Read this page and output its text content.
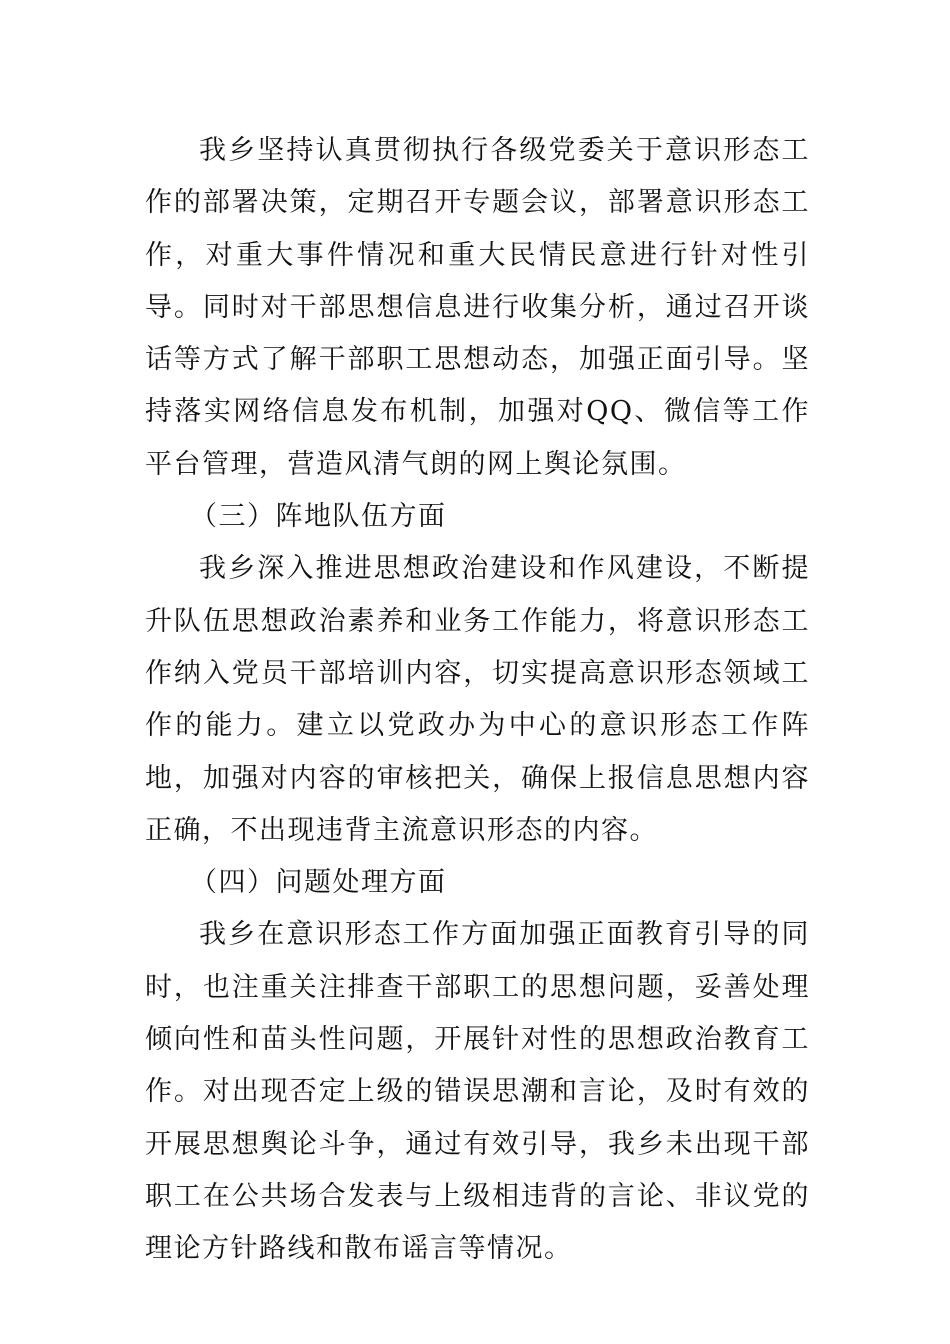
我乡坚持认真贯彻执行各级党委关于意识形态工作的部署决策，定期召开专题会议，部署意识形态工作，对重大事件情况和重大民情民意进行针对性引导。同时对干部思想信息进行收集分析，通过召开谈话等方式了解干部职工思想动态，加强正面引导。坚持落实网络信息发布机制，加强对QQ、微信等工作平台管理，营造风清气朗的网上舆论氛围。

（三）阵地队伍方面

我乡深入推进思想政治建设和作风建设，不断提升队伍思想政治素养和业务工作能力，将意识形态工作纳入党员干部培训内容，切实提高意识形态领域工作的能力。建立以党政办为中心的意识形态工作阵地，加强对内容的审核把关，确保上报信息思想内容正确，不出现违背主流意识形态的内容。

（四）问题处理方面

我乡在意识形态工作方面加强正面教育引导的同时，也注重关注排查干部职工的思想问题，妥善处理倾向性和苗头性问题，开展针对性的思想政治教育工作。对出现否定上级的错误思潮和言论，及时有效的开展思想舆论斗争，通过有效引导，我乡未出现干部职工在公共场合发表与上级相违背的言论、非议党的理论方针路线和散布谣言等情况。
